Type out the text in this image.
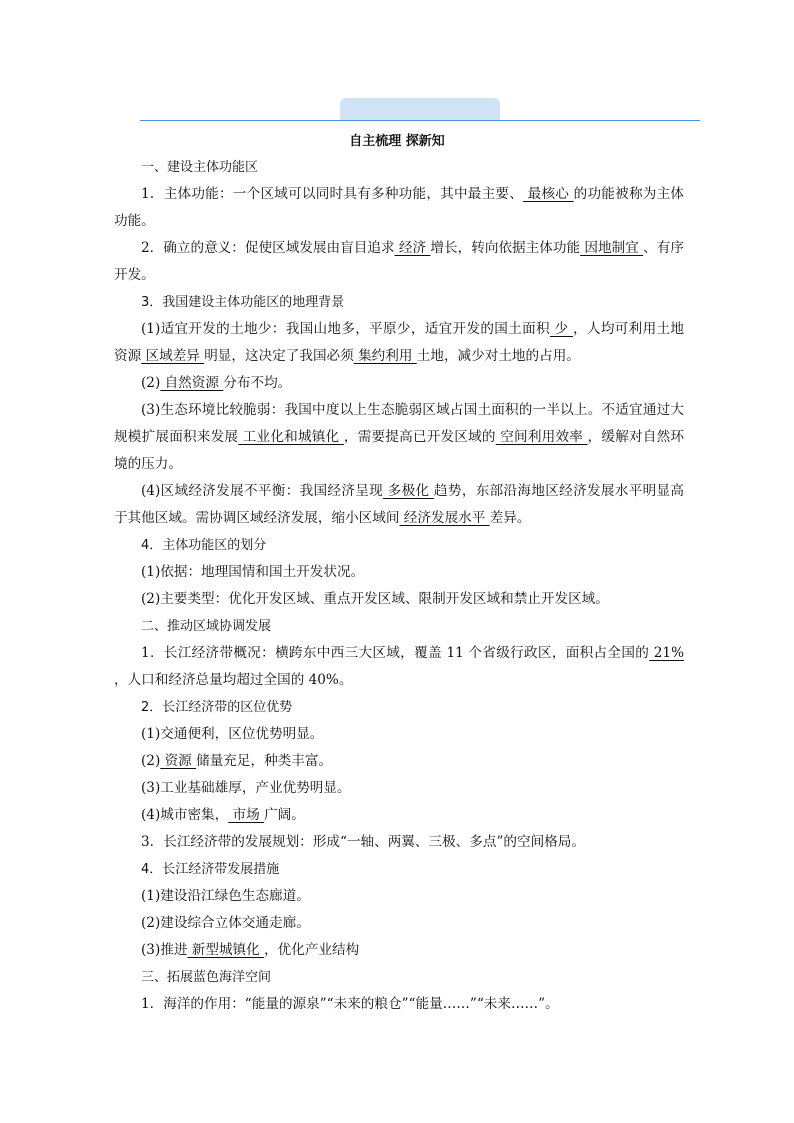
自主梳理 探新知

一、建设主体功能区

1．主体功能：一个区域可以同时具有多种功能，其中最主要、 最核心 的功能被称为主体功能。

2．确立的意义：促使区域发展由盲目追求 经济 增长，转向依据主体功能 因地制宜 、有序开发。

3．我国建设主体功能区的地理背景

(1)适宜开发的土地少：我国山地多，平原少，适宜开发的国土面积 少 ，人均可利用土地资源 区域差异 明显，这决定了我国必须 集约利用 土地，减少对土地的占用。

(2) 自然资源 分布不均。

(3)生态环境比较脆弱：我国中度以上生态脆弱区域占国土面积的一半以上。不适宜通过大规模扩展面积来发展 工业化和城镇化 ，需要提高已开发区域的 空间利用效率 ，缓解对自然环境的压力。

(4)区域经济发展不平衡：我国经济呈现 多极化 趋势，东部沿海地区经济发展水平明显高于其他区域。需协调区域经济发展，缩小区域间 经济发展水平 差异。

4．主体功能区的划分

(1)依据：地理国情和国土开发状况。

(2)主要类型：优化开发区域、重点开发区域、限制开发区域和禁止开发区域。

二、推动区域协调发展

1．长江经济带概况：横跨东中西三大区域，覆盖 11 个省级行政区，面积占全国的 21% ，人口和经济总量均超过全国的 40%。

2．长江经济带的区位优势

(1)交通便利，区位优势明显。

(2) 资源 储量充足，种类丰富。

(3)工业基础雄厚，产业优势明显。

(4)城市密集， 市场 广阔。

3．长江经济带的发展规划：形成“一轴、两翼、三极、多点”的空间格局。

4．长江经济带发展措施

(1)建设沿江绿色生态廊道。

(2)建设综合立体交通走廊。

(3)推进 新型城镇化 ，优化产业结构

三、拓展蓝色海洋空间

1．海洋的作用：“能量的源泉”“未来的粮仓”“能量……”“未来……”。
